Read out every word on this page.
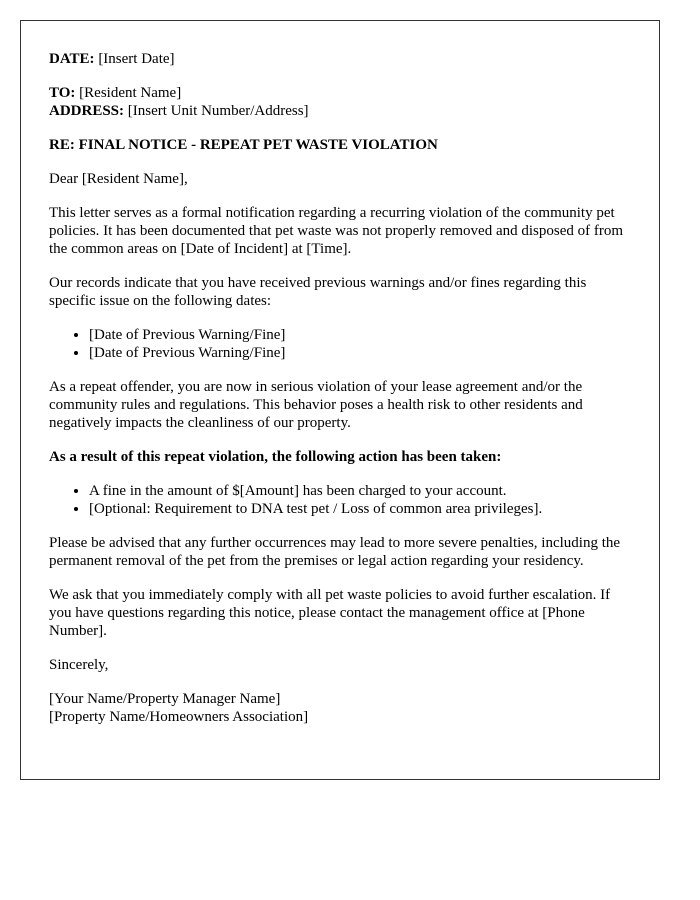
DATE: [Insert Date]

TO: [Resident Name]

ADDRESS: [Insert Unit Number/Address]

RE: FINAL NOTICE - REPEAT PET WASTE VIOLATION

Dear [Resident Name],

This letter serves as a formal notification regarding a recurring violation of the community pet policies. It has been documented that pet waste was not properly removed and disposed of from the common areas on [Date of Incident] at [Time].

Our records indicate that you have received previous warnings and/or fines regarding this specific issue on the following dates:

• [Date of Previous Warning/Fine]
• [Date of Previous Warning/Fine]

As a repeat offender, you are now in serious violation of your lease agreement and/or the community rules and regulations. This behavior poses a health risk to other residents and negatively impacts the cleanliness of our property.

As a result of this repeat violation, the following action has been taken:

• A fine in the amount of $[Amount] has been charged to your account.
• [Optional: Requirement to DNA test pet / Loss of common area privileges].

Please be advised that any further occurrences may lead to more severe penalties, including the permanent removal of the pet from the premises or legal action regarding your residency.

We ask that you immediately comply with all pet waste policies to avoid further escalation. If you have questions regarding this notice, please contact the management office at [Phone Number].

Sincerely,

[Your Name/Property Manager Name]

[Property Name/Homeowners Association]
